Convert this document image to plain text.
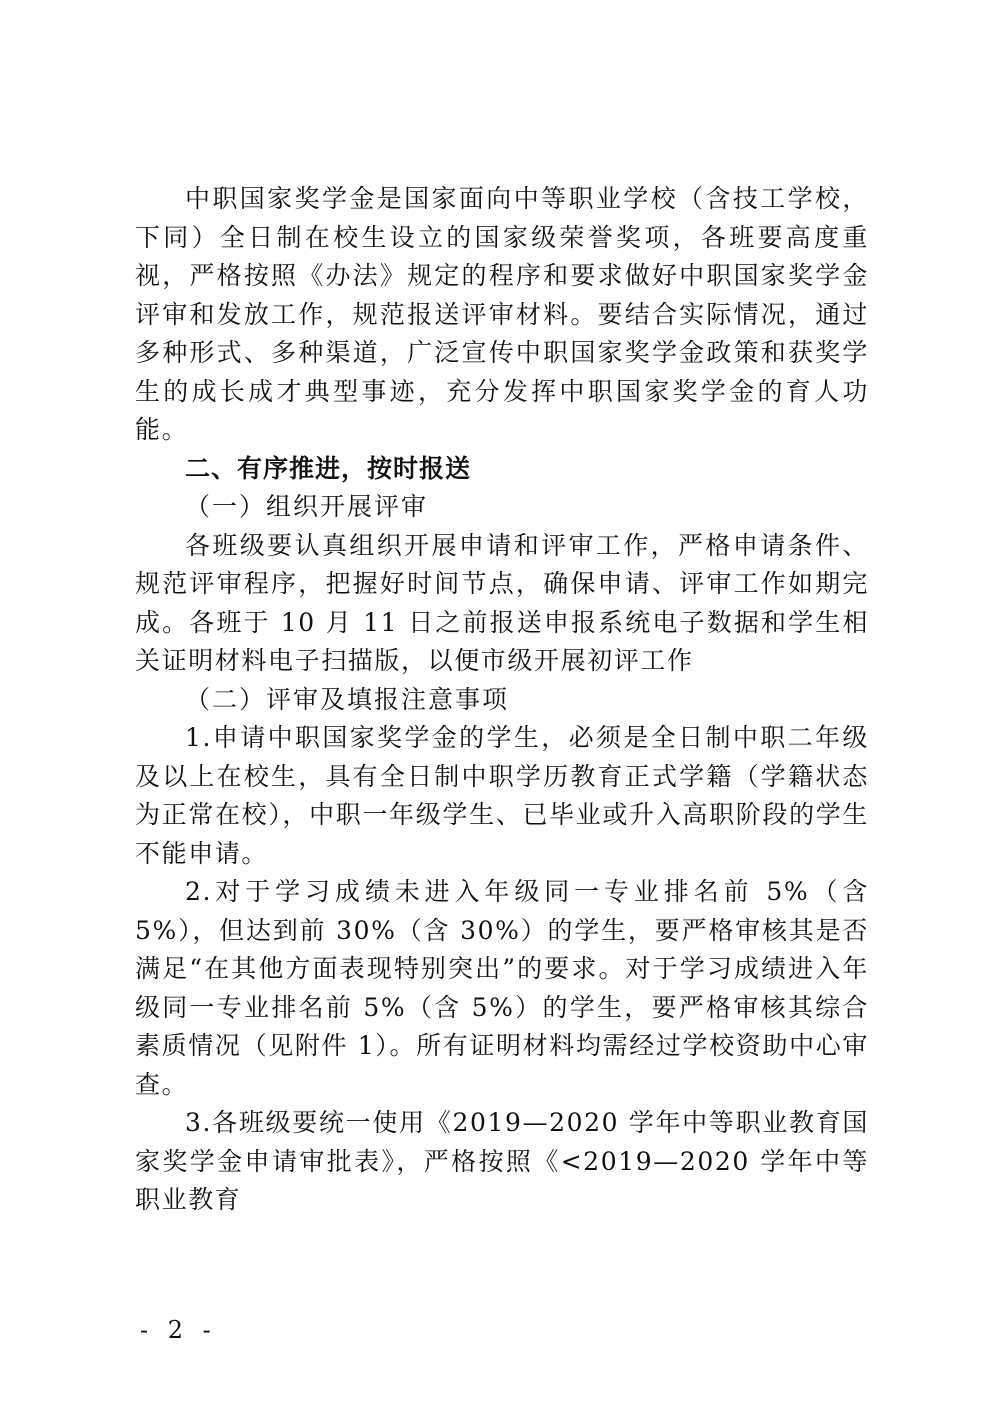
中职国家奖学金是国家面向中等职业学校（含技工学校，下同）全日制在校生设立的国家级荣誉奖项，各班要高度重视，严格按照《办法》规定的程序和要求做好中职国家奖学金评审和发放工作，规范报送评审材料。要结合实际情况，通过多种形式、多种渠道，广泛宣传中职国家奖学金政策和获奖学生的成长成才典型事迹，充分发挥中职国家奖学金的育人功能。

二、有序推进，按时报送

（一）组织开展评审

各班级要认真组织开展申请和评审工作，严格申请条件、规范评审程序，把握好时间节点，确保申请、评审工作如期完成。各班于 10 月 11 日之前报送申报系统电子数据和学生相关证明材料电子扫描版，以便市级开展初评工作

（二）评审及填报注意事项

1.申请中职国家奖学金的学生，必须是全日制中职二年级及以上在校生，具有全日制中职学历教育正式学籍（学籍状态为正常在校），中职一年级学生、已毕业或升入高职阶段的学生不能申请。

2.对于学习成绩未进入年级同一专业排名前 5%（含 5%），但达到前 30%（含 30%）的学生，要严格审核其是否满足“在其他方面表现特别突出”的要求。对于学习成绩进入年级同一专业排名前 5%（含 5%）的学生，要严格审核其综合素质情况（见附件 1）。所有证明材料均需经过学校资助中心审查。

3.各班级要统一使用《2019—2020 学年中等职业教育国家奖学金申请审批表》，严格按照《<2019—2020 学年中等职业教育

- 2 -
